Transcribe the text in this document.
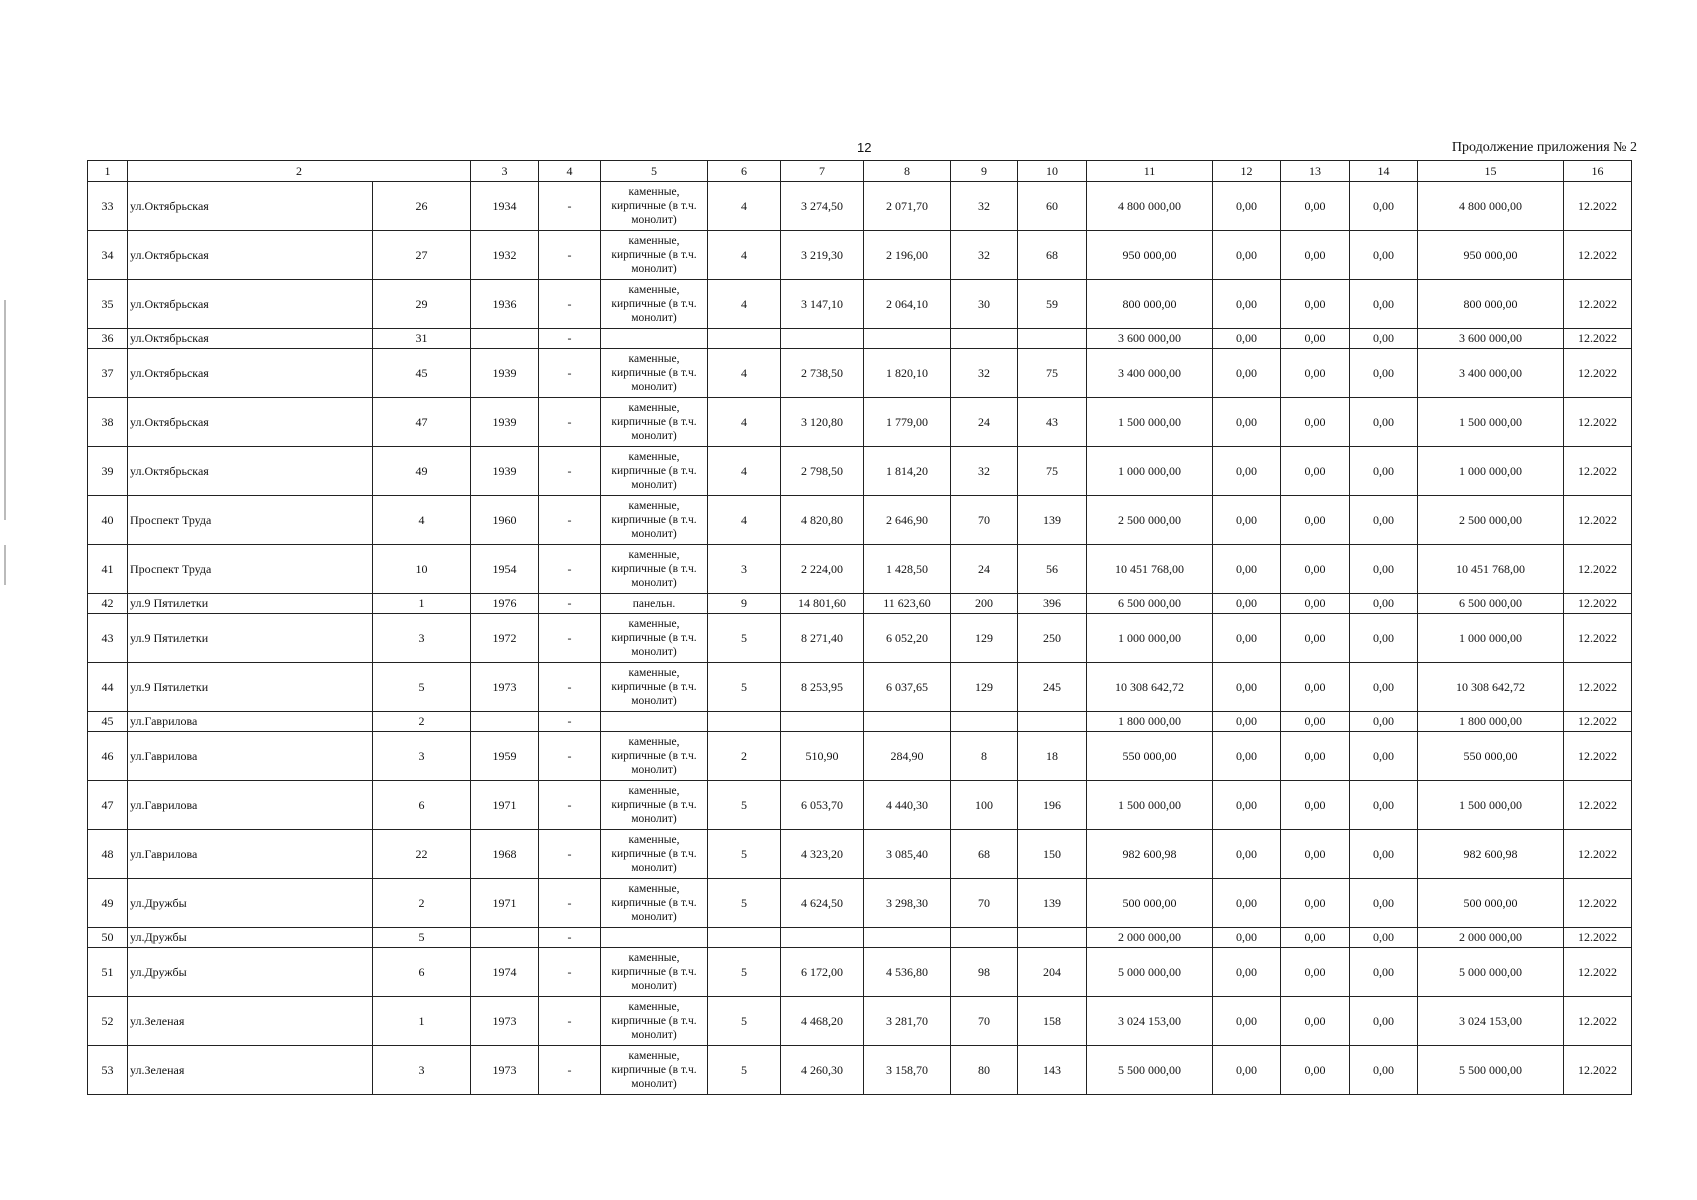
12	Продолжение приложения № 2
1	2		3	4	5	6	7	8	9	10	11	12	13	14	15	16
33	ул.Октябрьская	26	1934	-	каменные, кирпичные (в т.ч. монолит)	4	3 274,50	2 071,70	32	60	4 800 000,00	0,00	0,00	0,00	4 800 000,00	12.2022
34	ул.Октябрьская	27	1932	-	каменные, кирпичные (в т.ч. монолит)	4	3 219,30	2 196,00	32	68	950 000,00	0,00	0,00	0,00	950 000,00	12.2022
35	ул.Октябрьская	29	1936	-	каменные, кирпичные (в т.ч. монолит)	4	3 147,10	2 064,10	30	59	800 000,00	0,00	0,00	0,00	800 000,00	12.2022
36	ул.Октябрьская	31		-							3 600 000,00	0,00	0,00	0,00	3 600 000,00	12.2022
37	ул.Октябрьская	45	1939	-	каменные, кирпичные (в т.ч. монолит)	4	2 738,50	1 820,10	32	75	3 400 000,00	0,00	0,00	0,00	3 400 000,00	12.2022
38	ул.Октябрьская	47	1939	-	каменные, кирпичные (в т.ч. монолит)	4	3 120,80	1 779,00	24	43	1 500 000,00	0,00	0,00	0,00	1 500 000,00	12.2022
39	ул.Октябрьская	49	1939	-	каменные, кирпичные (в т.ч. монолит)	4	2 798,50	1 814,20	32	75	1 000 000,00	0,00	0,00	0,00	1 000 000,00	12.2022
40	Проспект Труда	4	1960	-	каменные, кирпичные (в т.ч. монолит)	4	4 820,80	2 646,90	70	139	2 500 000,00	0,00	0,00	0,00	2 500 000,00	12.2022
41	Проспект Труда	10	1954	-	каменные, кирпичные (в т.ч. монолит)	3	2 224,00	1 428,50	24	56	10 451 768,00	0,00	0,00	0,00	10 451 768,00	12.2022
42	ул.9 Пятилетки	1	1976	-	панельн.	9	14 801,60	11 623,60	200	396	6 500 000,00	0,00	0,00	0,00	6 500 000,00	12.2022
43	ул.9 Пятилетки	3	1972	-	каменные, кирпичные (в т.ч. монолит)	5	8 271,40	6 052,20	129	250	1 000 000,00	0,00	0,00	0,00	1 000 000,00	12.2022
44	ул.9 Пятилетки	5	1973	-	каменные, кирпичные (в т.ч. монолит)	5	8 253,95	6 037,65	129	245	10 308 642,72	0,00	0,00	0,00	10 308 642,72	12.2022
45	ул.Гаврилова	2		-							1 800 000,00	0,00	0,00	0,00	1 800 000,00	12.2022
46	ул.Гаврилова	3	1959	-	каменные, кирпичные (в т.ч. монолит)	2	510,90	284,90	8	18	550 000,00	0,00	0,00	0,00	550 000,00	12.2022
47	ул.Гаврилова	6	1971	-	каменные, кирпичные (в т.ч. монолит)	5	6 053,70	4 440,30	100	196	1 500 000,00	0,00	0,00	0,00	1 500 000,00	12.2022
48	ул.Гаврилова	22	1968	-	каменные, кирпичные (в т.ч. монолит)	5	4 323,20	3 085,40	68	150	982 600,98	0,00	0,00	0,00	982 600,98	12.2022
49	ул.Дружбы	2	1971	-	каменные, кирпичные (в т.ч. монолит)	5	4 624,50	3 298,30	70	139	500 000,00	0,00	0,00	0,00	500 000,00	12.2022
50	ул.Дружбы	5		-							2 000 000,00	0,00	0,00	0,00	2 000 000,00	12.2022
51	ул.Дружбы	6	1974	-	каменные, кирпичные (в т.ч. монолит)	5	6 172,00	4 536,80	98	204	5 000 000,00	0,00	0,00	0,00	5 000 000,00	12.2022
52	ул.Зеленая	1	1973	-	каменные, кирпичные (в т.ч. монолит)	5	4 468,20	3 281,70	70	158	3 024 153,00	0,00	0,00	0,00	3 024 153,00	12.2022
53	ул.Зеленая	3	1973	-	каменные, кирпичные (в т.ч. монолит)	5	4 260,30	3 158,70	80	143	5 500 000,00	0,00	0,00	0,00	5 500 000,00	12.2022
